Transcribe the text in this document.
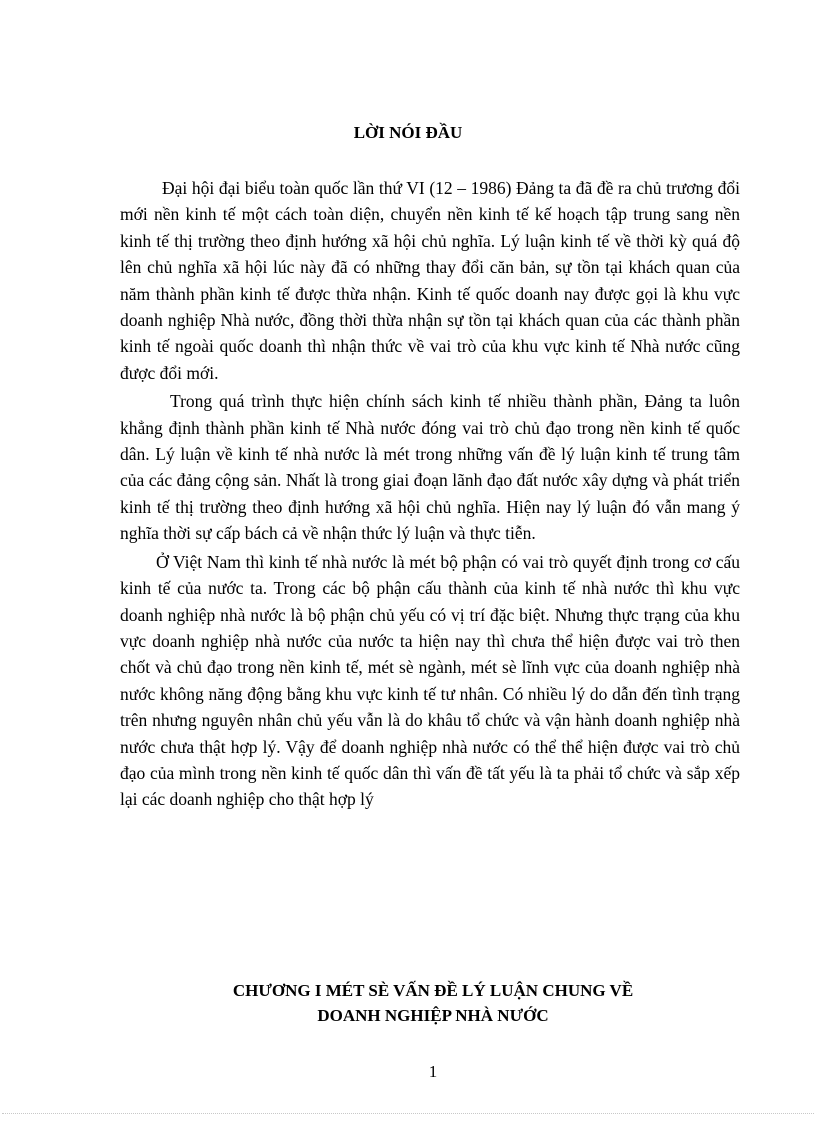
LỜI NÓI ĐẦU

Đại hội đại biểu toàn quốc lần thứ VI (12 – 1986) Đảng ta đã đề ra chủ trương đổi mới nền kinh tế một cách toàn diện, chuyển nền kinh tế kế hoạch tập trung sang nền kinh tế thị trường theo định hướng xã hội chủ nghĩa. Lý luận kinh tế về thời kỳ quá độ lên chủ nghĩa xã hội lúc này đã có những thay đổi căn bản, sự tồn tại khách quan của năm thành phần kinh tế được thừa nhận. Kinh tế quốc doanh nay được gọi là khu vực doanh nghiệp Nhà nước, đồng thời thừa nhận sự tồn tại khách quan của các thành phần kinh tế ngoài quốc doanh thì nhận thức về vai trò của khu vực kinh tế Nhà nước cũng được đổi mới.

Trong quá trình thực hiện chính sách kinh tế nhiều thành phần, Đảng ta luôn khẳng định thành phần kinh tế Nhà nước đóng vai trò chủ đạo trong nền kinh tế quốc dân. Lý luận về kinh tế nhà nước là mét trong những vấn đề lý luận kinh tế trung tâm của các đảng cộng sản. Nhất là trong giai đoạn lãnh đạo đất nước xây dựng và phát triển kinh tế thị trường theo định hướng xã hội chủ nghĩa. Hiện nay lý luận đó vẫn mang ý nghĩa thời sự cấp bách cả về nhận thức lý luận và thực tiễn.

Ở Việt Nam thì kinh tế nhà nước là mét bộ phận có vai trò quyết định trong cơ cấu kinh tế của nước ta. Trong các bộ phận cấu thành của kinh tế nhà nước thì khu vực doanh nghiệp nhà nước là bộ phận chủ yếu có vị trí đặc biệt. Nhưng thực trạng của khu vực doanh nghiệp nhà nước của nước ta hiện nay thì chưa thể hiện được vai trò then chốt và chủ đạo trong nền kinh tế, mét sè ngành, mét sè lĩnh vực của doanh nghiệp nhà nước không năng động bằng khu vực kinh tế tư nhân. Có nhiều lý do dẫn đến tình trạng trên nhưng nguyên nhân chủ yếu vẫn là do khâu tổ chức và vận hành doanh nghiệp nhà nước chưa thật hợp lý. Vậy để doanh nghiệp nhà nước có thể thể hiện được vai trò chủ đạo của mình trong nền kinh tế quốc dân thì vấn đề tất yếu là ta phải tổ chức và sắp xếp lại các doanh nghiệp cho thật hợp lý

CHƯƠNG I MÉT SÈ VẤN ĐỀ LÝ LUẬN CHUNG VỀ
DOANH NGHIỆP NHÀ NƯỚC
1
